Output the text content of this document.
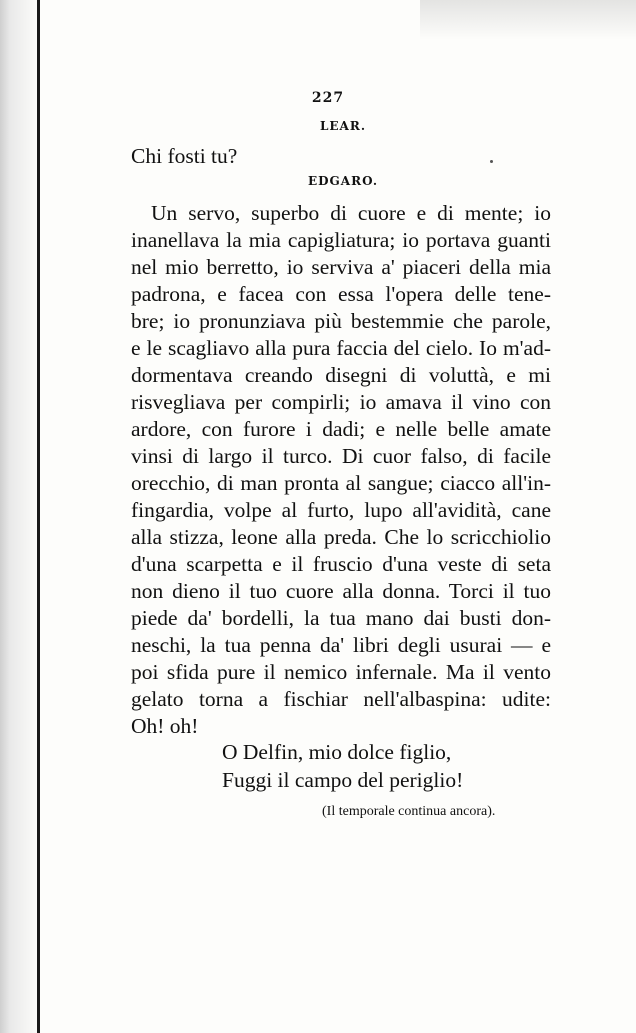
227
LEAR.
Chi fosti tu?
EDGARO.
Un servo, superbo di cuore e di mente; io
inanellava la mia capigliatura; io portava guanti
nel mio berretto, io serviva a' piaceri della mia
padrona, e facea con essa l'opera delle tene-
bre; io pronunziava più bestemmie che parole,
e le scagliavo alla pura faccia del cielo. Io m'ad-
dormentava creando disegni di voluttà, e mi
risvegliava per compirli; io amava il vino con
ardore, con furore i dadi; e nelle belle amate
vinsi di largo il turco. Di cuor falso, di facile
orecchio, di man pronta al sangue; ciacco all'in-
fingardia, volpe al furto, lupo all'avidità, cane
alla stizza, leone alla preda. Che lo scricchiolio
d'una scarpetta e il fruscio d'una veste di seta
non dieno il tuo cuore alla donna. Torci il tuo
piede da' bordelli, la tua mano dai busti don-
neschi, la tua penna da' libri degli usurai — e
poi sfida pure il nemico infernale. Ma il vento
gelato torna a fischiar nell'albaspina: udite:
Oh! oh!
O Delfin, mio dolce figlio,
Fuggi il campo del periglio!
(Il temporale continua ancora).
